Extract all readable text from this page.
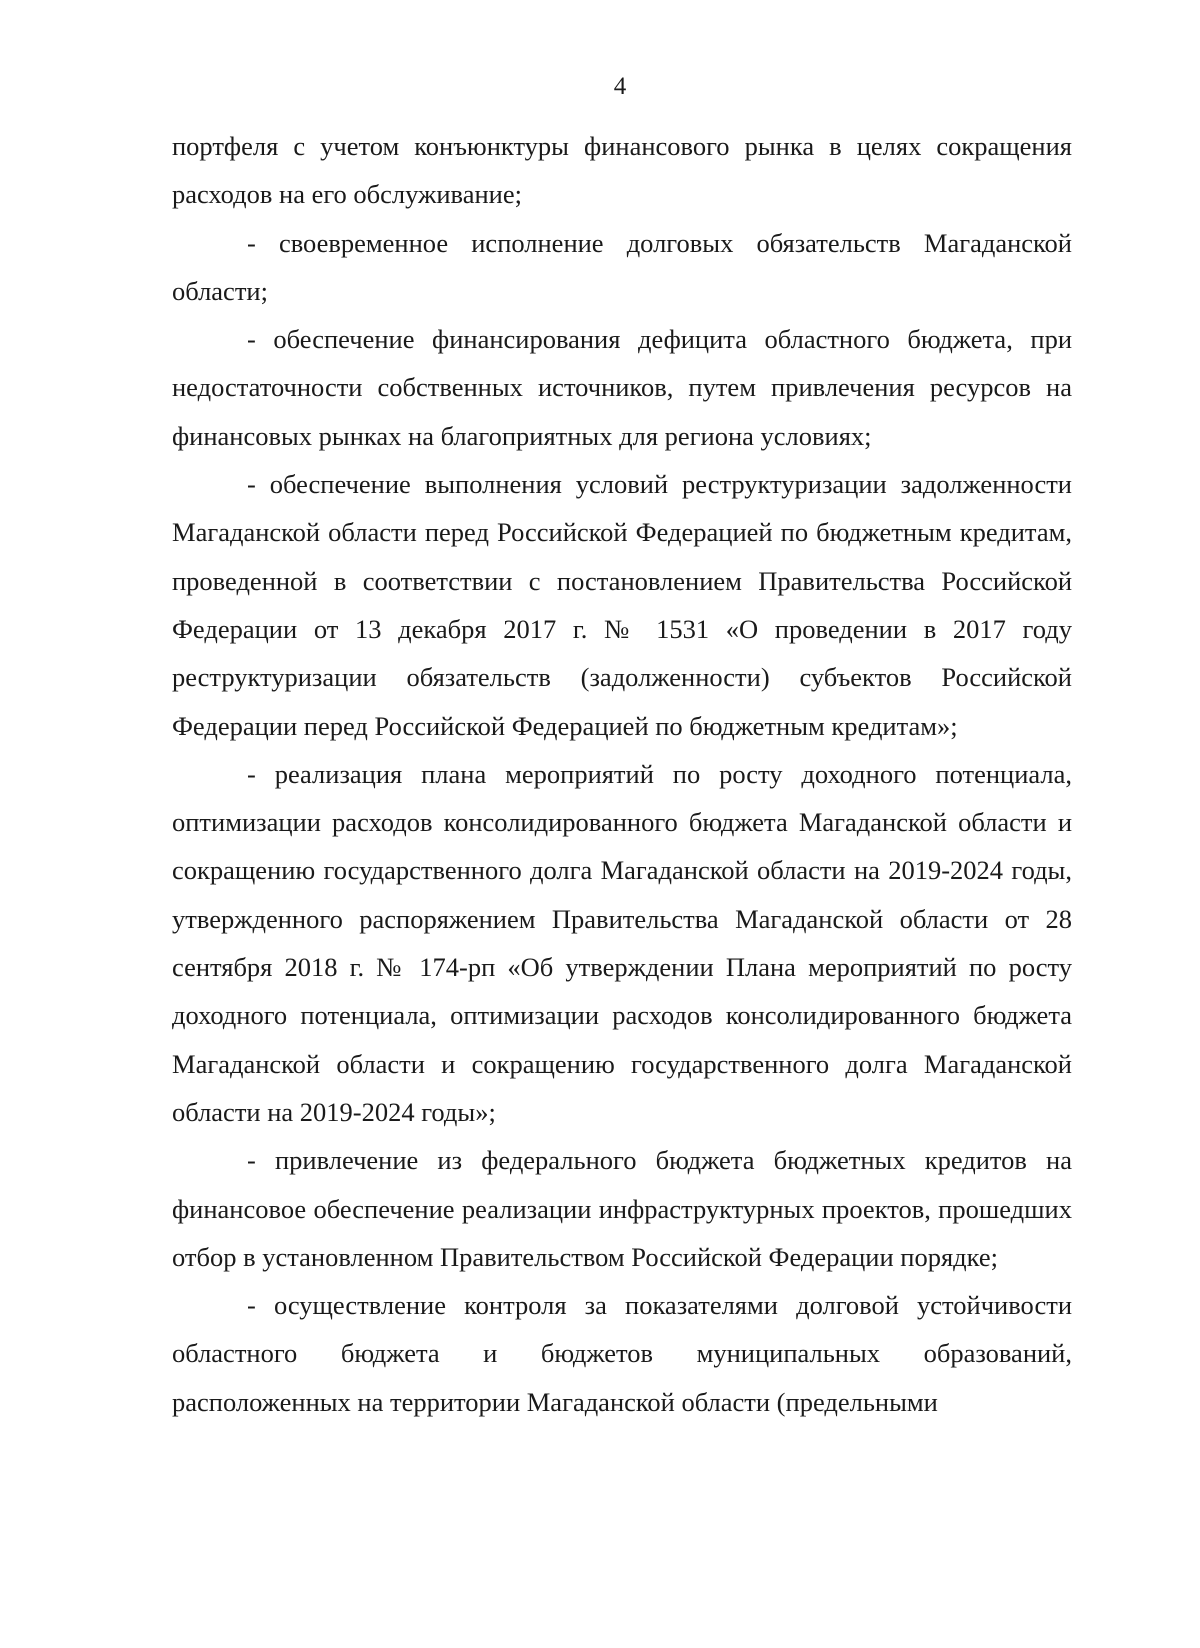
4

портфеля с учетом конъюнктуры финансового рынка в целях сокращения расходов на его обслуживание;

- своевременное исполнение долговых обязательств Магаданской области;

- обеспечение финансирования дефицита областного бюджета, при недостаточности собственных источников, путем привлечения ресурсов на финансовых рынках на благоприятных для региона условиях;

- обеспечение выполнения условий реструктуризации задолженности Магаданской области перед Российской Федерацией по бюджетным кредитам, проведенной в соответствии с постановлением Правительства Российской Федерации от 13 декабря 2017 г. № 1531 «О проведении в 2017 году реструктуризации обязательств (задолженности) субъектов Российской Федерации перед Российской Федерацией по бюджетным кредитам»;

- реализация плана мероприятий по росту доходного потенциала, оптимизации расходов консолидированного бюджета Магаданской области и сокращению государственного долга Магаданской области на 2019-2024 годы, утвержденного распоряжением Правительства Магаданской области от 28 сентября 2018 г. № 174-рп «Об утверждении Плана мероприятий по росту доходного потенциала, оптимизации расходов консолидированного бюджета Магаданской области и сокращению государственного долга Магаданской области на 2019-2024 годы»;

- привлечение из федерального бюджета бюджетных кредитов на финансовое обеспечение реализации инфраструктурных проектов, прошедших отбор в установленном Правительством Российской Федерации порядке;

- осуществление контроля за показателями долговой устойчивости областного бюджета и бюджетов муниципальных образований, расположенных на территории Магаданской области (предельными
